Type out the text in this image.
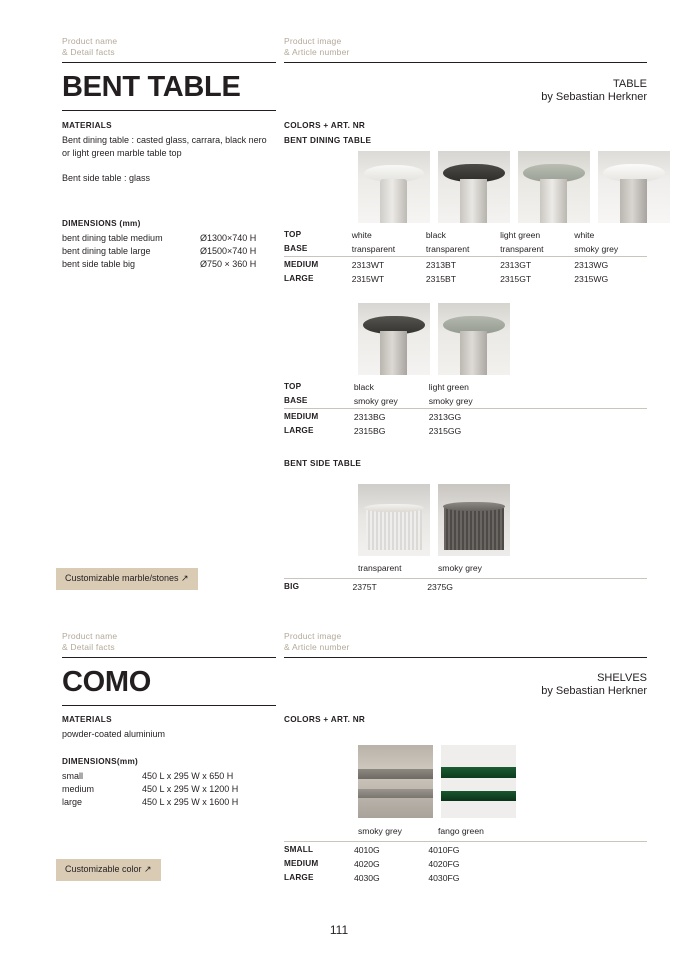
Product name
& Detail facts
Product image
& Article number
BENT TABLE	TABLE
by Sebastian Herkner
MATERIALS
Bent dining table : casted glass, carrara, black nero or light green marble table top
Bent side table : glass
DIMENSIONS (mm)
bent dining table medium	Ø1300×740 H
bent dining table large	Ø1500×740 H
bent side table big	Ø750 × 360 H
COLORS + ART. NR
BENT DINING TABLE
TOP	white	black	light green	white
BASE	transparent	transparent	transparent	smoky grey
MEDIUM	2313WT	2313BT	2313GT	2313WG
LARGE	2315WT	2315BT	2315GT	2315WG
TOP	black	light green		
BASE	smoky grey	smoky grey		
MEDIUM	2313BG	2313GG		
LARGE	2315BG	2315GG		
BENT SIDE TABLE
transparent	smoky grey	
BIG	2375T	2375G		
Customizable marble/stones ↗
Product name
& Detail facts
Product image
& Article number
COMO	SHELVES
by Sebastian Herkner
MATERIALS
powder-coated aluminium
DIMENSIONS(mm)
small	450 L x 295 W x 650 H
medium	450 L x 295 W x 1200 H
large	450 L x 295 W x 1600 H
COLORS + ART. NR
smoky grey	fango green	
SMALL	4010G	4010FG		
MEDIUM	4020G	4020FG		
LARGE	4030G	4030FG		
Customizable color ↗
111
